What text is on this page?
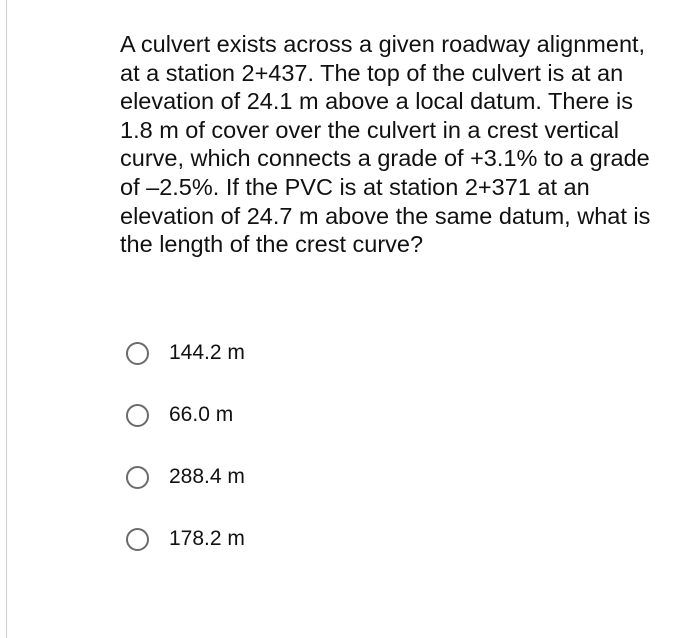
A culvert exists across a given roadway alignment, at a station 2+437. The top of the culvert is at an elevation of 24.1 m above a local datum. There is 1.8 m of cover over the culvert in a crest vertical curve, which connects a grade of +3.1% to a grade of –2.5%. If the PVC is at station 2+371 at an elevation of 24.7 m above the same datum, what is the length of the crest curve?

144.2 m
66.0 m
288.4 m
178.2 m
